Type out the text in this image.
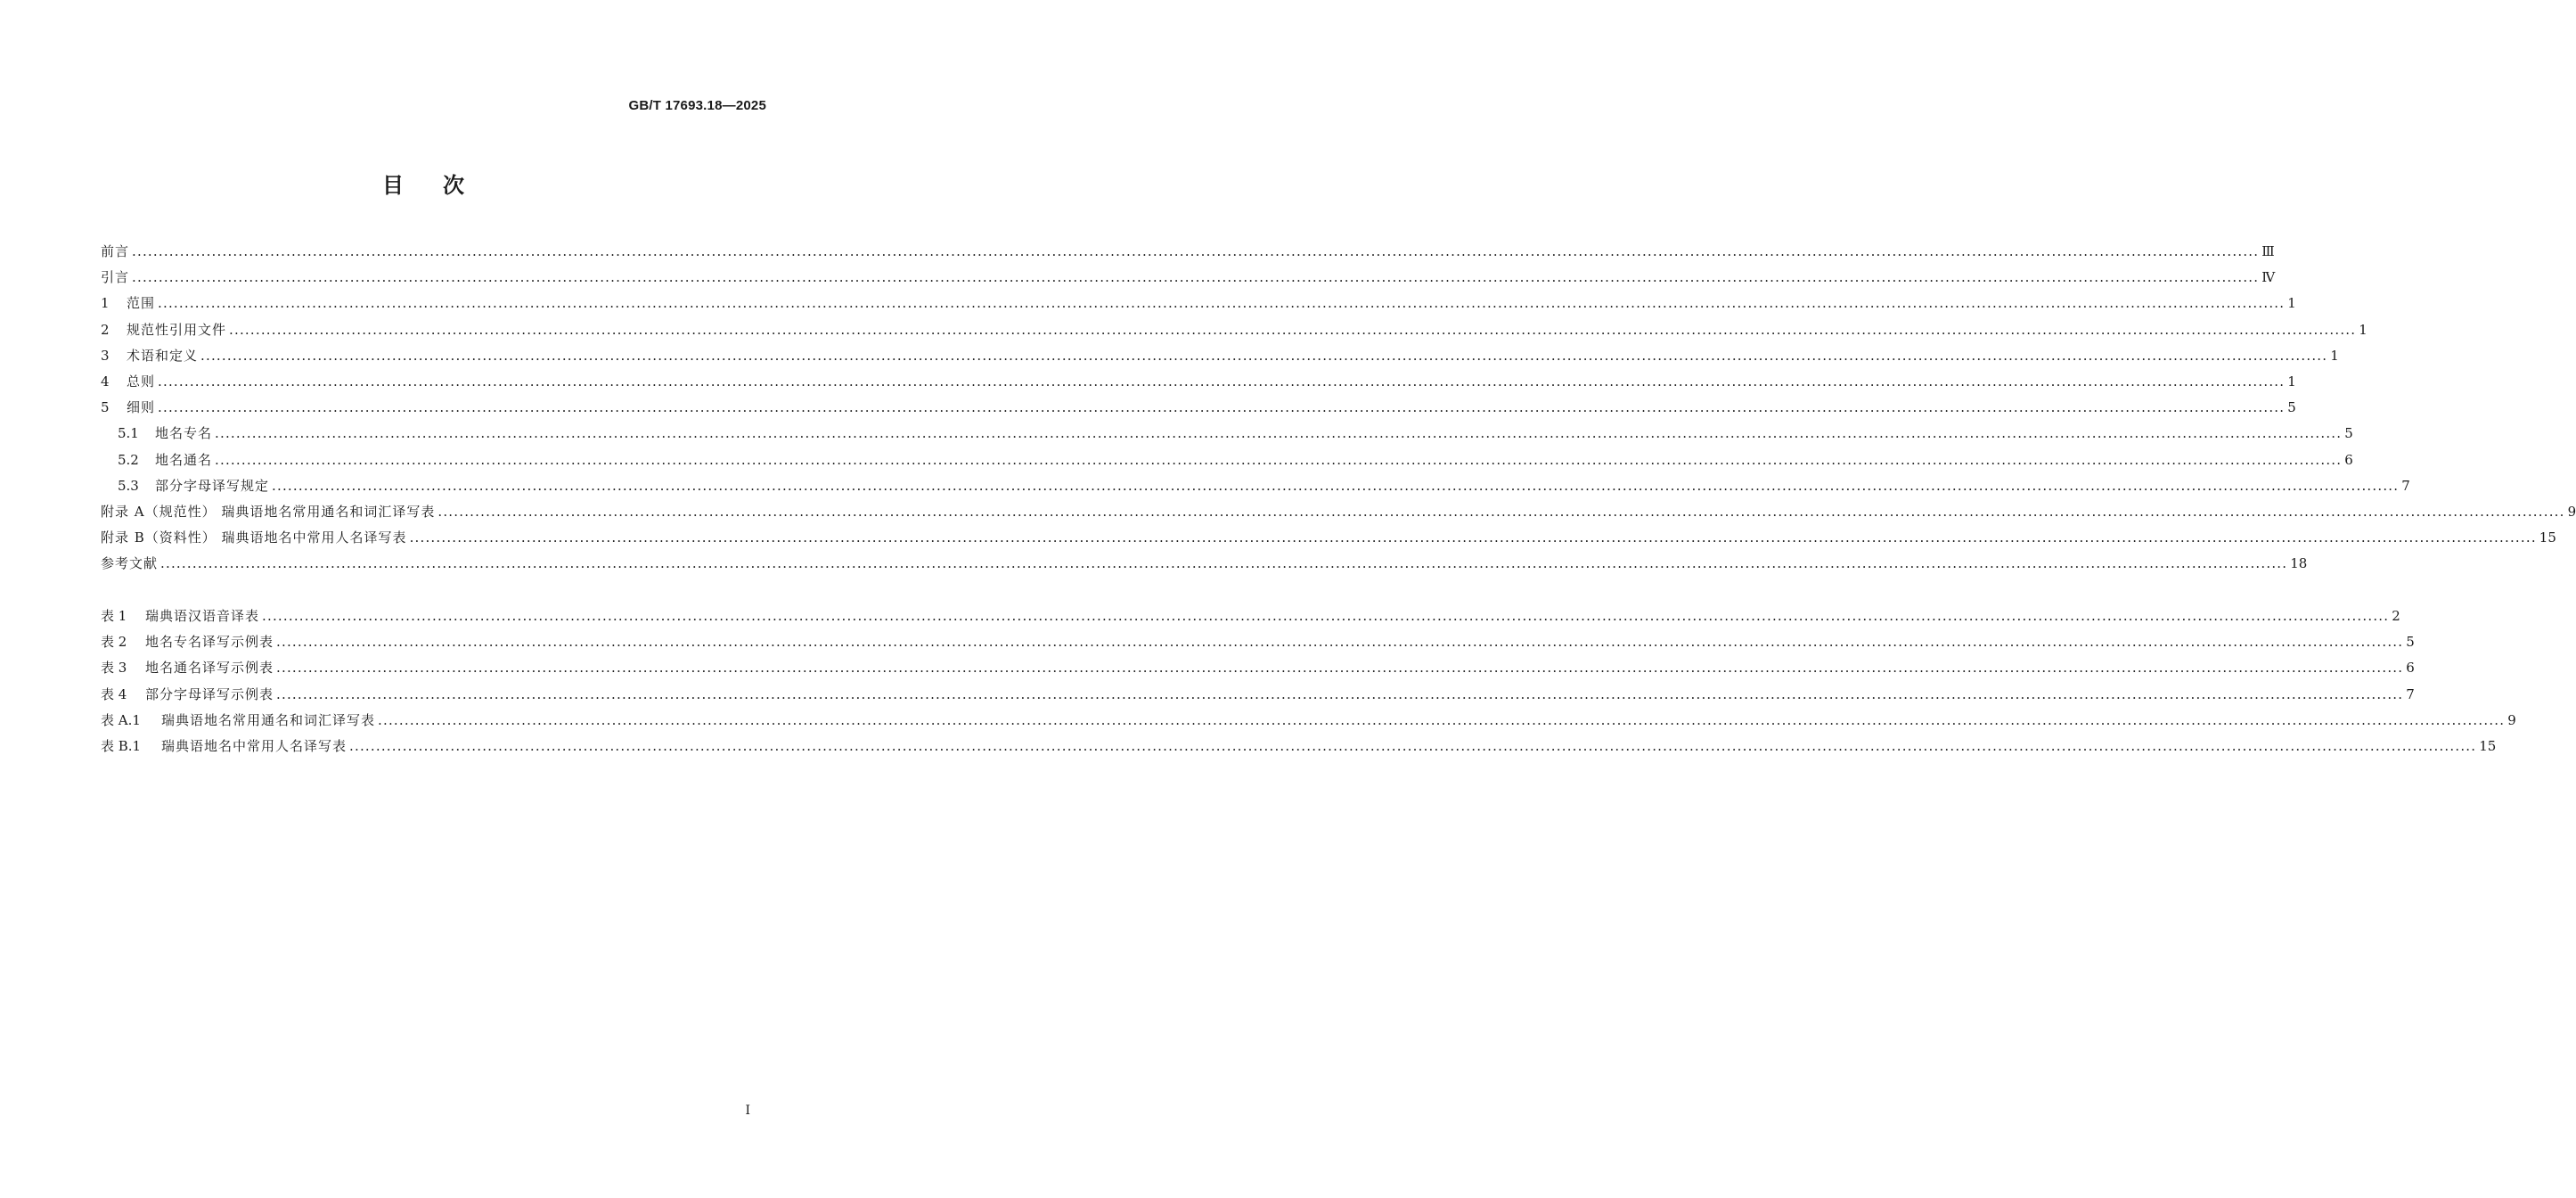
GB/T 17693.18—2025
目次
前言 ................................................................................................................................................................................................................................................................................................................................................................................................................ Ⅲ
引言 ................................................................................................................................................................................................................................................................................................................................................................................................................ Ⅳ
1	范围 ................................................................................................................................................................................................................................................................................................................................................................................................................ 1
2	规范性引用文件 ................................................................................................................................................................................................................................................................................................................................................................................................................ 1
3	术语和定义 ................................................................................................................................................................................................................................................................................................................................................................................................................ 1
4	总则 ................................................................................................................................................................................................................................................................................................................................................................................................................ 1
5	细则 ................................................................................................................................................................................................................................................................................................................................................................................................................ 5
5.1	地名专名 ................................................................................................................................................................................................................................................................................................................................................................................................................ 5
5.2	地名通名 ................................................................................................................................................................................................................................................................................................................................................................................................................ 6
5.3	部分字母译写规定 ................................................................................................................................................................................................................................................................................................................................................................................................................ 7
附录 A（规范性） 瑞典语地名常用通名和词汇译写表 ................................................................................................................................................................................................................................................................................................................................................................................................................ 9
附录 B（资料性） 瑞典语地名中常用人名译写表 ................................................................................................................................................................................................................................................................................................................................................................................................................ 15
参考文献 ................................................................................................................................................................................................................................................................................................................................................................................................................ 18
表 1	瑞典语汉语音译表 ................................................................................................................................................................................................................................................................................................................................................................................................................ 2
表 2	地名专名译写示例表 ................................................................................................................................................................................................................................................................................................................................................................................................................ 5
表 3	地名通名译写示例表 ................................................................................................................................................................................................................................................................................................................................................................................................................ 6
表 4	部分字母译写示例表 ................................................................................................................................................................................................................................................................................................................................................................................................................ 7
表 A.1	瑞典语地名常用通名和词汇译写表 ................................................................................................................................................................................................................................................................................................................................................................................................................ 9
表 B.1	瑞典语地名中常用人名译写表 ................................................................................................................................................................................................................................................................................................................................................................................................................ 15
I
